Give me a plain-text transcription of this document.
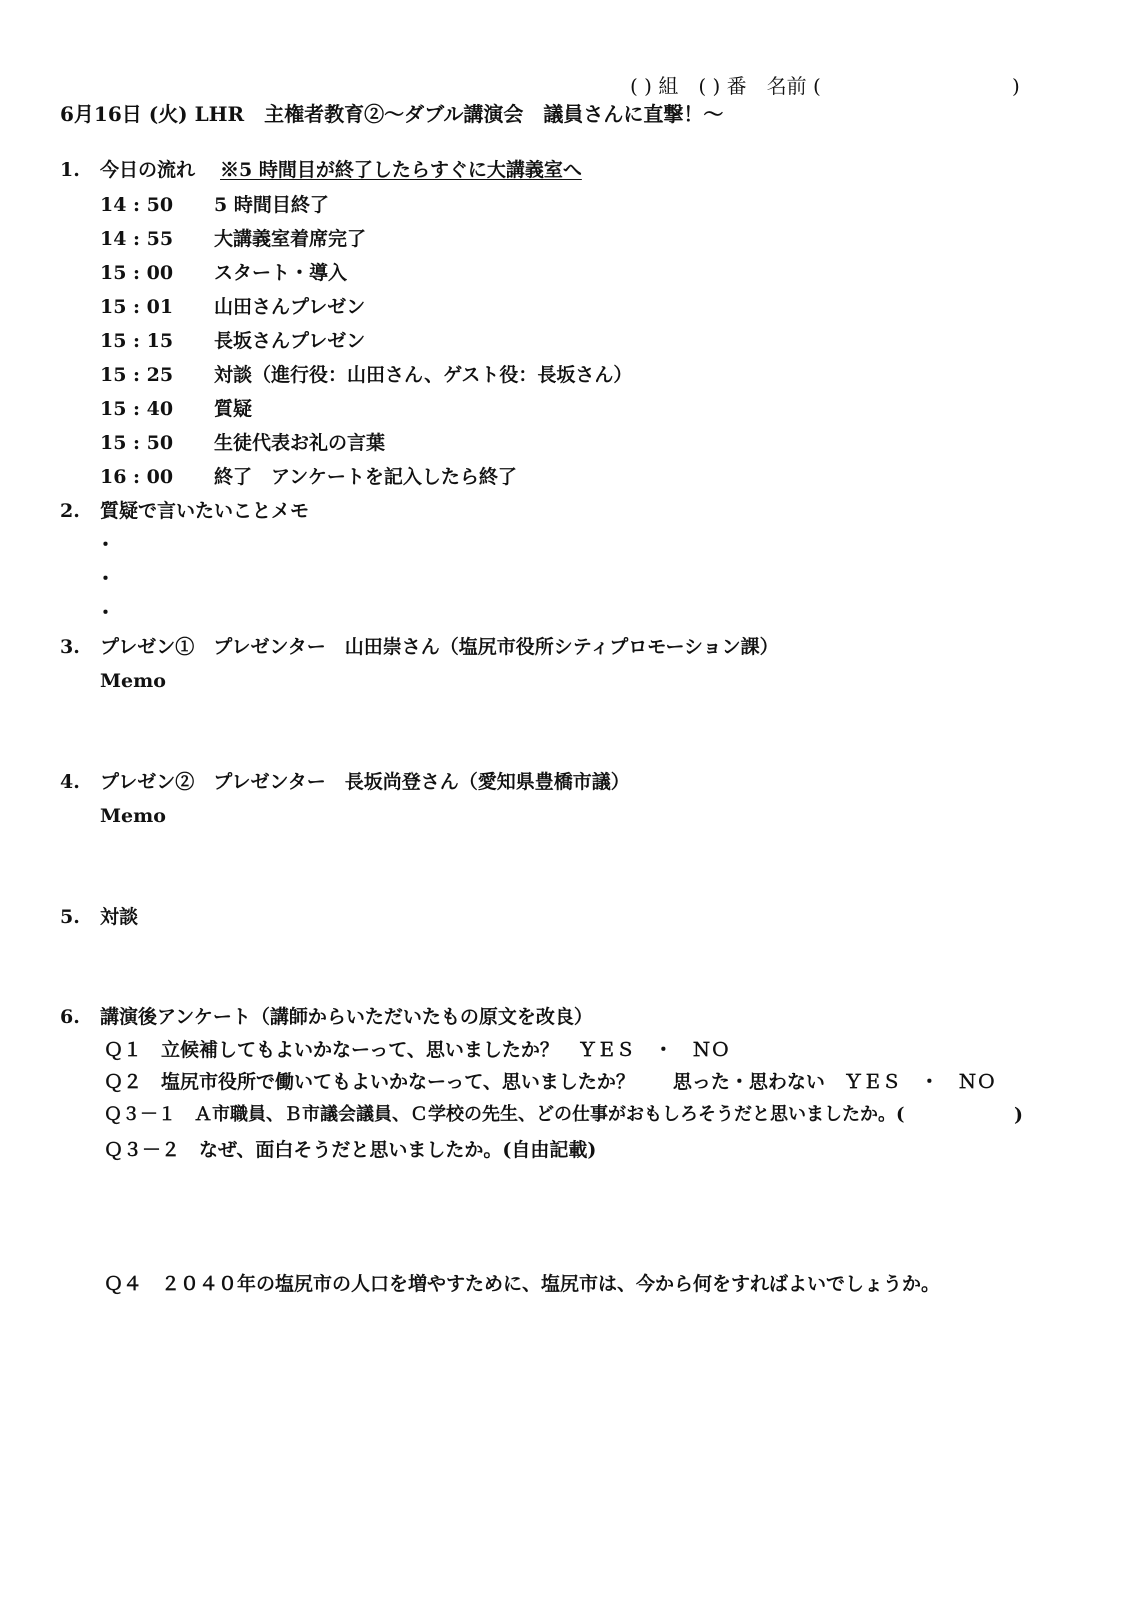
( ) 組　( ) 番　名前 (	)
6月16日 (火) LHR　主権者教育②～ダブル講演会　議員さんに直撃！～
1. 今日の流れ ※5 時間目が終了したらすぐに大講義室へ
14 : 50 5 時間目終了
14 : 55 大講義室着席完了
15 : 00 スタート・導入
15 : 01 山田さんプレゼン
15 : 15 長坂さんプレゼン
15 : 25 対談（進行役：山田さん、ゲスト役：長坂さん）
15 : 40 質疑
15 : 50 生徒代表お礼の言葉
16 : 00 終了　アンケートを記入したら終了
2. 質疑で言いたいことメモ
・
・
・
3. プレゼン①　プレゼンター　山田崇さん（塩尻市役所シティプロモーション課）
Memo
4. プレゼン②　プレゼンター　長坂尚登さん（愛知県豊橋市議）
Memo
5. 対談
6. 講演後アンケート（講師からいただいたもの原文を改良）
Ｑ１　立候補してもよいかなーって、思いましたか？　ＹＥＳ　・　ＮＯ
Ｑ２　塩尻市役所で働いてもよいかなーって、思いましたか？　　思った・思わない　ＹＥＳ　・　ＮＯ
Ｑ３－１　Ａ市職員、Ｂ市議会議員、Ｃ学校の先生、どの仕事がおもしろそうだと思いましたか。(	)
Ｑ３－２　なぜ、面白そうだと思いましたか。(自由記載)
Ｑ４　２０４０年の塩尻市の人口を増やすために、塩尻市は、今から何をすればよいでしょうか。
